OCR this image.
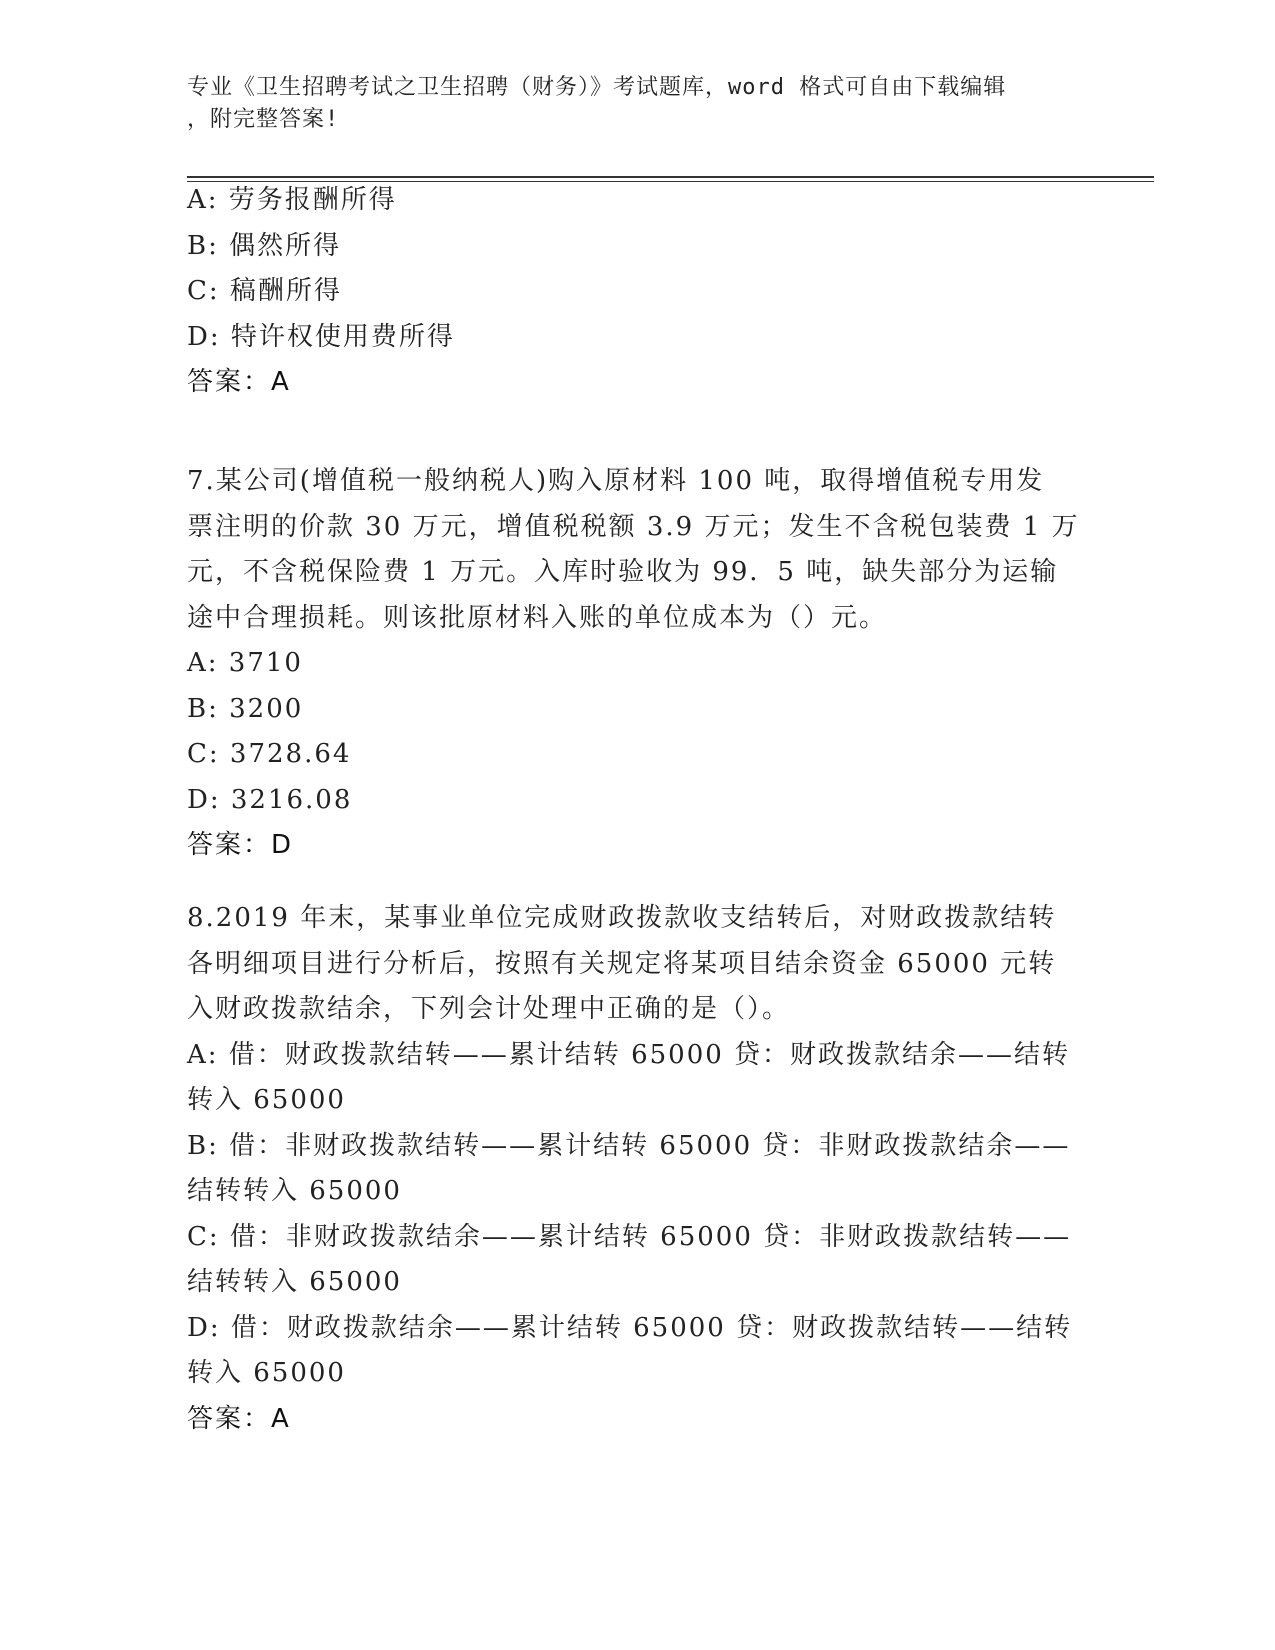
专业《卫生招聘考试之卫生招聘（财务）》考试题库，word 格式可自由下载编辑
，附完整答案!
A: 劳务报酬所得
B: 偶然所得
C: 稿酬所得
D: 特许权使用费所得
答案：A
7.某公司(增值税一般纳税人)购入原材料 100 吨，取得增值税专用发
票注明的价款 30 万元，增值税税额 3.9 万元；发生不含税包装费 1 万
元，不含税保险费 1 万元。入库时验收为 99．5 吨，缺失部分为运输
途中合理损耗。则该批原材料入账的单位成本为（）元。
A: 3710
B: 3200
C: 3728.64
D: 3216.08
答案：D
8.2019 年末，某事业单位完成财政拨款收支结转后，对财政拨款结转
各明细项目进行分析后，按照有关规定将某项目结余资金 65000 元转
入财政拨款结余，下列会计处理中正确的是（）。
A: 借：财政拨款结转——累计结转 65000 贷：财政拨款结余——结转
转入 65000
B: 借：非财政拨款结转——累计结转 65000 贷：非财政拨款结余——
结转转入 65000
C: 借：非财政拨款结余——累计结转 65000 贷：非财政拨款结转——
结转转入 65000
D: 借：财政拨款结余——累计结转 65000 贷：财政拨款结转——结转
转入 65000
答案：A
